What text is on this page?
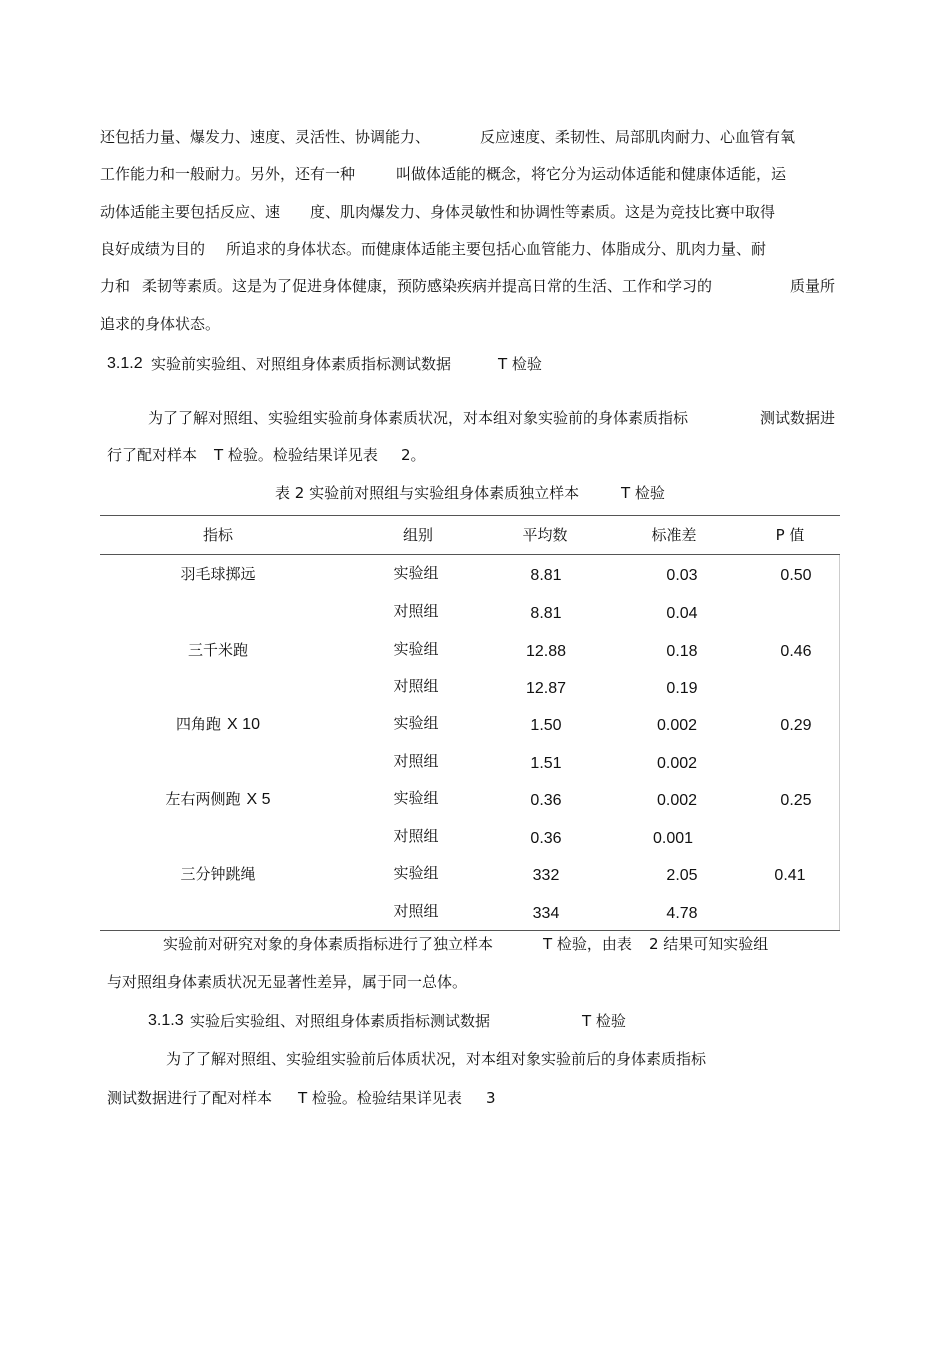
还包括力量、爆发力、速度、灵活性、协调能力、	反应速度、柔韧性、局部肌肉耐力、心血管有氧
工作能力和一般耐力。另外，还有一种	叫做体适能的概念，将它分为运动体适能和健康体适能，运
动体适能主要包括反应、速 度、肌肉爆发力、身体灵敏性和协调性等素质。这是为竞技比赛中取得
良好成绩为目的 所追求的身体状态。而健康体适能主要包括心血管能力、体脂成分、肌肉力量、耐
力和 柔韧等素质。这是为了促进身体健康，预防感染疾病并提高日常的生活、工作和学习的	质量所
追求的身体状态。
3.1.2 实验前实验组、对照组身体素质指标测试数据	T 检验
为了了解对照组、实验组实验前身体素质状况，对本组对象实验前的身体素质指标	测试数据进
行了配对样本 T 检验。检验结果详见表 2。
表 2 实验前对照组与实验组身体素质独立样本	T 检验
指标	组别	平均数	标准差	P 值
羽毛球掷远	实验组	8.81	0.03	0.50
对照组	8.81	0.04
三千米跑	实验组	12.88	0.18	0.46
对照组	12.87	0.19
四角跑 X 10	实验组	1.50	0.002	0.29
对照组	1.51	0.002
左右两侧跑 X 5	实验组	0.36	0.002	0.25
对照组	0.36	0.001
三分钟跳绳	实验组	332	2.05	0.41
对照组	334	4.78
实验前对研究对象的身体素质指标进行了独立样本	T 检验，由表 2 结果可知实验组
与对照组身体素质状况无显著性差异，属于同一总体。
3.1.3 实验后实验组、对照组身体素质指标测试数据	T 检验
为了了解对照组、实验组实验前后体质状况，对本组对象实验前后的身体素质指标
测试数据进行了配对样本 T 检验。检验结果详见表 3
